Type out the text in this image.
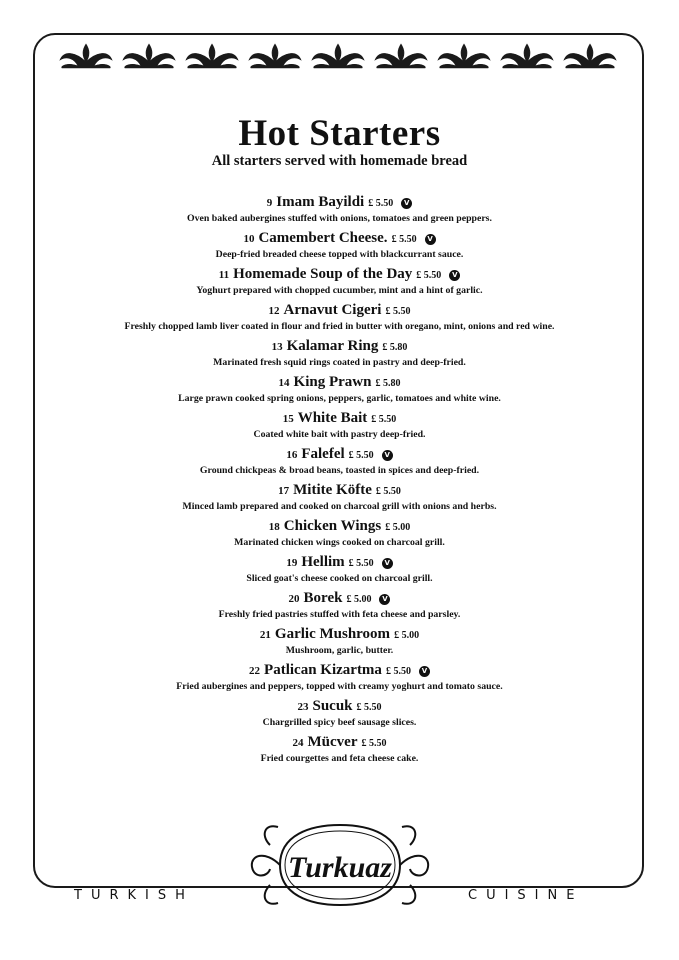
Hot Starters

All starters served with homemade bread

9 Imam Bayildi £ 5.50 V
Oven baked aubergines stuffed with onions, tomatoes and green peppers.
10 Camembert Cheese. £ 5.50 V
Deep-fried breaded cheese topped with blackcurrant sauce.
11 Homemade Soup of the Day £ 5.50 V
Yoghurt prepared with chopped cucumber, mint and a hint of garlic.
12 Arnavut Cigeri £ 5.50
Freshly chopped lamb liver coated in flour and fried in butter with oregano, mint, onions and red wine.
13 Kalamar Ring £ 5.80
Marinated fresh squid rings coated in pastry and deep-fried.
14 King Prawn £ 5.80
Large prawn cooked spring onions, peppers, garlic, tomatoes and white wine.
15 White Bait £ 5.50
Coated white bait with pastry deep-fried.
16 Falefel £ 5.50 V
Ground chickpeas & broad beans, toasted in spices and deep-fried.
17 Mitite Köfte £ 5.50
Minced lamb prepared and cooked on charcoal grill with onions and herbs.
18 Chicken Wings £ 5.00
Marinated chicken wings cooked on charcoal grill.
19 Hellim £ 5.50 V
Sliced goat's cheese cooked on charcoal grill.
20 Borek £ 5.00 V
Freshly fried pastries stuffed with feta cheese and parsley.
21 Garlic Mushroom £ 5.00
Mushroom, garlic, butter.
22 Patlican Kizartma £ 5.50 V
Fried aubergines and peppers, topped with creamy yoghurt and tomato sauce.
23 Sucuk £ 5.50
Chargrilled spicy beef sausage slices.
24 Mücver £ 5.50
Fried courgettes and feta cheese cake.
Turkuaz
TURKISH	CUISINE
